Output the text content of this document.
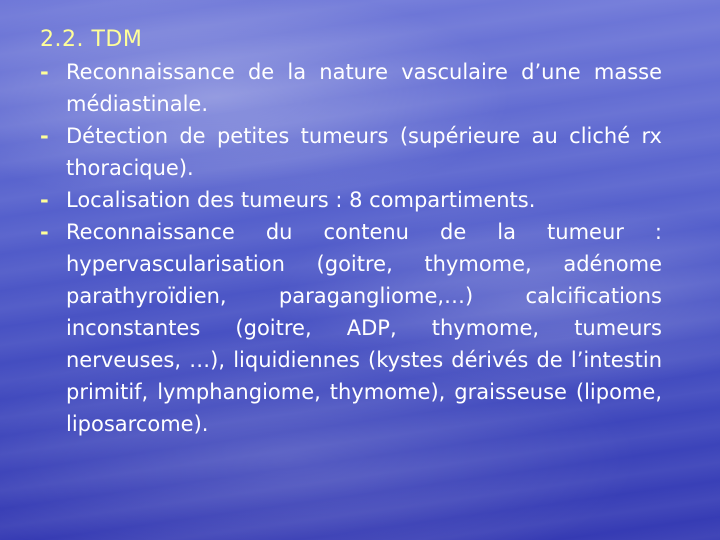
2.2. TDM
- Reconnaissance de la nature vasculaire d’une masse médiastinale.
- Détection de petites tumeurs (supérieure au cliché rx thoracique).
- Localisation des tumeurs : 8 compartiments.
- Reconnaissance du contenu de la tumeur : hypervascularisation (goitre, thymome, adénome parathyroïdien, paragangliome,…) calcifications inconstantes (goitre, ADP, thymome, tumeurs nerveuses, …), liquidiennes (kystes dérivés de l’intestin primitif, lymphangiome, thymome), graisseuse (lipome, liposarcome).
